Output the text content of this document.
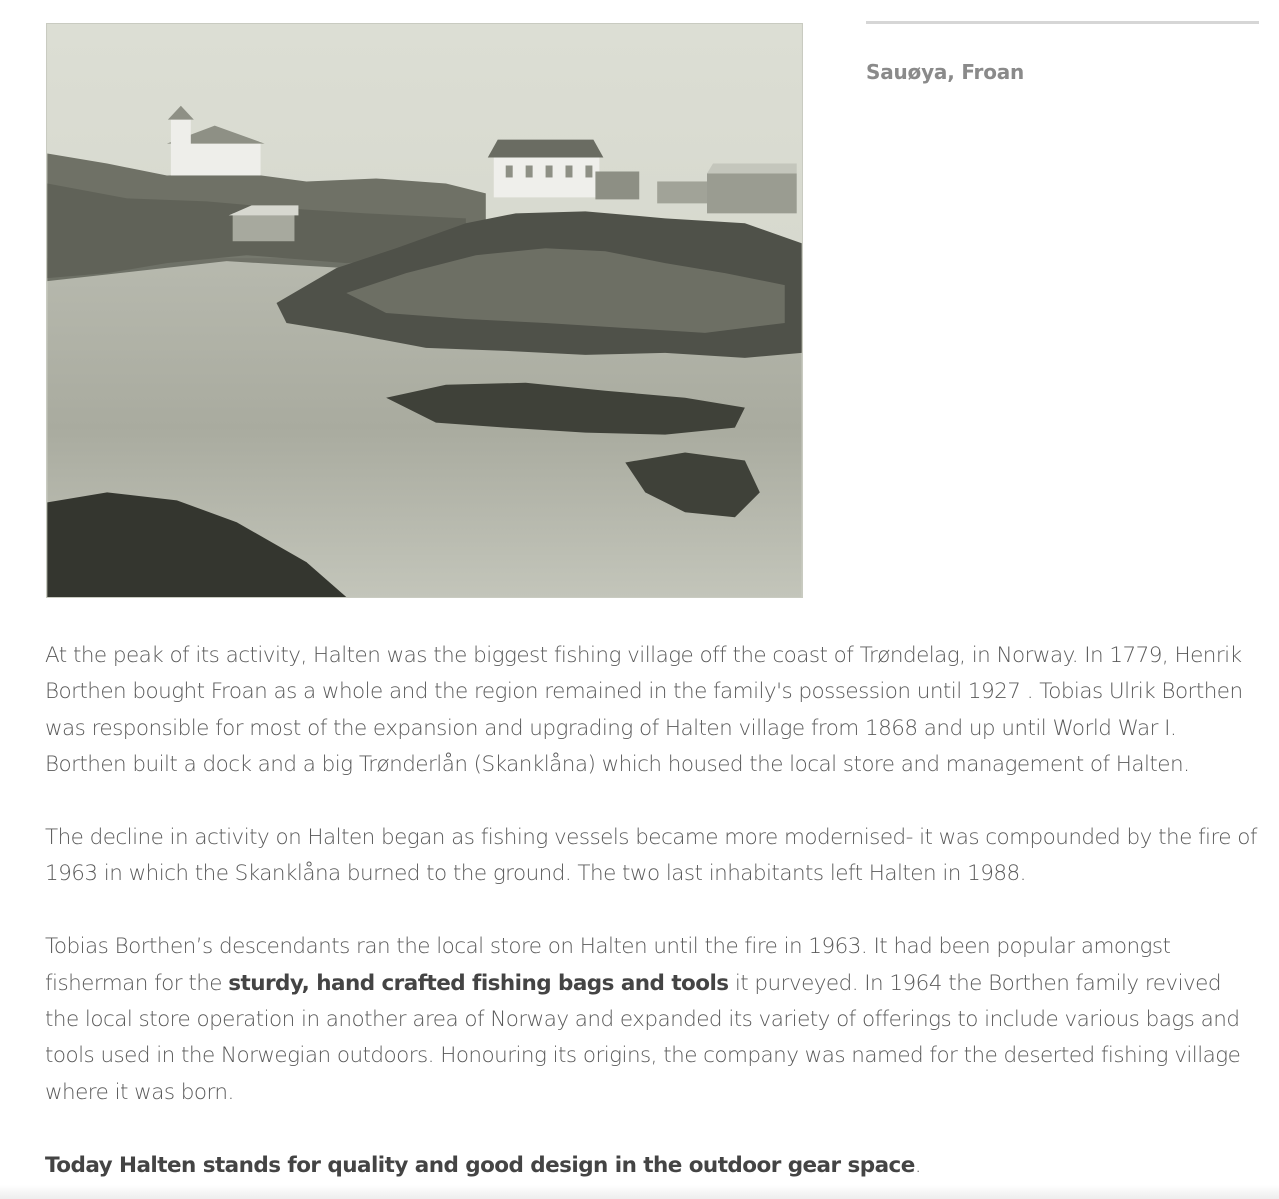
Sauøya, Froan

At the peak of its activity, Halten was the biggest fishing village off the coast of Trøndelag, in Norway. In 1779, Henrik Borthen bought Froan as a whole and the region remained in the family's possession until 1927 . Tobias Ulrik Borthen was responsible for most of the expansion and upgrading of Halten village from 1868 and up until World War I. Borthen built a dock and a big Trønderlån (Skanklåna) which housed the local store and management of Halten.

The decline in activity on Halten began as fishing vessels became more modernised- it was compounded by the fire of 1963 in which the Skanklåna burned to the ground. The two last inhabitants left Halten in 1988.

Tobias Borthen’s descendants ran the local store on Halten until the fire in 1963. It had been popular amongst fisherman for the sturdy, hand crafted fishing bags and tools it purveyed. In 1964 the Borthen family revived the local store operation in another area of Norway and expanded its variety of offerings to include various bags and tools used in the Norwegian outdoors. Honouring its origins, the company was named for the deserted fishing village where it was born.

Today Halten stands for quality and good design in the outdoor gear space.
